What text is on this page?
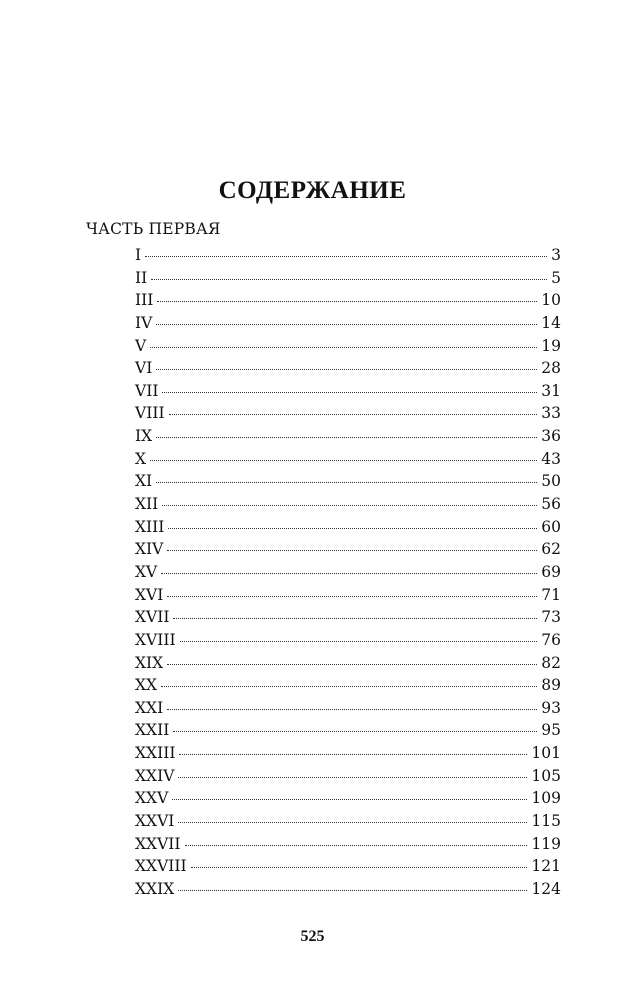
СОДЕРЖАНИЕ
ЧАСТЬ ПЕРВАЯ
I	3
II	5
III	10
IV	14
V	19
VI	28
VII	31
VIII	33
IX	36
X	43
XI	50
XII	56
XIII	60
XIV	62
XV	69
XVI	71
XVII	73
XVIII	76
XIX	82
XX	89
XXI	93
XXII	95
XXIII	101
XXIV	105
XXV	109
XXVI	115
XXVII	119
XXVIII	121
XXIX	124
525
